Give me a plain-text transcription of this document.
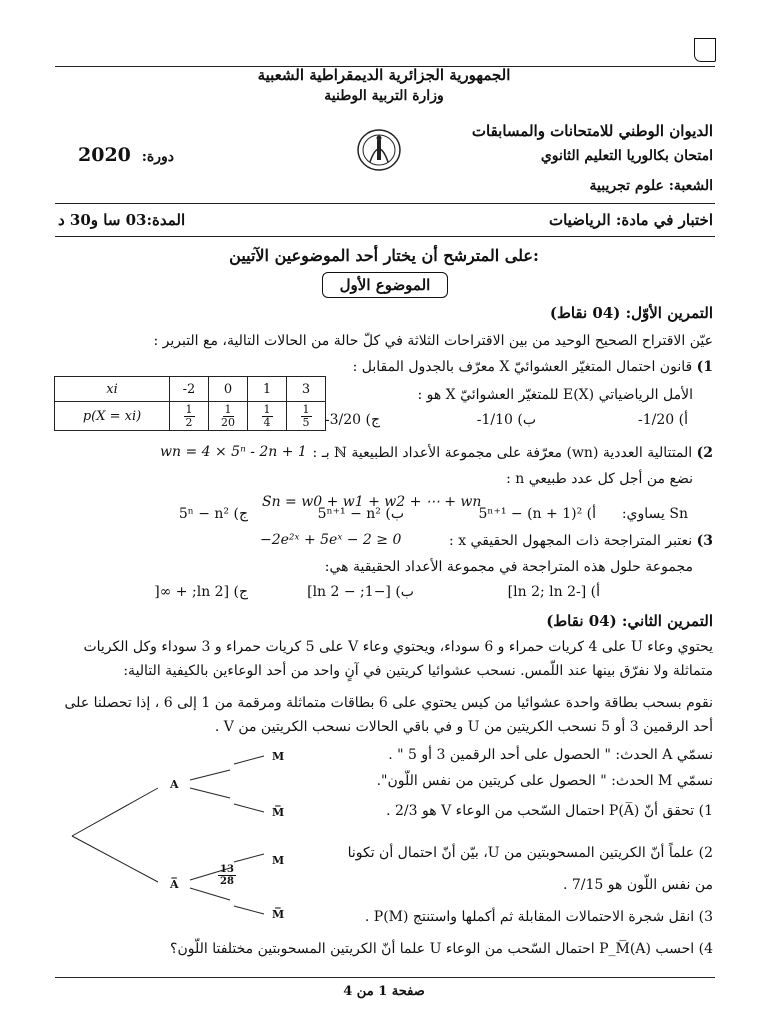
الجمهورية الجزائرية الديمقراطية الشعبية
وزارة التربية الوطنية
الديوان الوطني للامتحانات والمسابقات
امتحان بكالوريا التعليم الثانوي
الشعبة: علوم تجريبية
دورة: 2020
اختبار في مادة: الرياضيات
المدة:03 سا و30 د
على المترشح أن يختار أحد الموضوعين الآتيين:
الموضوع الأول
التمرين الأوّل: (04 نقاط)
عيّن الاقتراح الصحيح الوحيد من بين الاقتراحات الثلاثة في كلّ حالة من الحالات التالية، مع التبرير :
1) قانون احتمال المتغيّر العشوائيّ X معرّف بالجدول المقابل :
xi	-2	0	1	3
p(X = xi)	$\frac{1}{2}$	$\frac{1}{20}$	$\frac{1}{4}$	$\frac{1}{5}$
الأمل الرياضياتي E(X) للمتغيّر العشوائيّ X هو :
أ) 1/20-
ب) 1/10-
ج) 3/20-
2) المتتالية العددية (wn) معرّفة على مجموعة الأعداد الطبيعية ℕ بـ :
wn = 4 × 5ⁿ - 2n + 1
نضع من أجل كل عدد طبيعي n :
Sn = w0 + w1 + w2 + ⋯ + wn
Sn يساوي:
أ) 5ⁿ⁺¹ − (n + 1)²
ب) 5ⁿ⁺¹ − n²
ج) 5ⁿ − n²
3) نعتبر المتراجحة ذات المجهول الحقيقي x :
−2e²ˣ + 5eˣ − 2 ≥ 0
مجموعة حلول هذه المتراجحة في مجموعة الأعداد الحقيقية هي:
أ) [-ln 2; ln 2]
ب) [−1; − ln 2]
ج) [ln 2; + ∞[
التمرين الثاني: (04 نقاط)
يحتوي وعاء U على 4 كريات حمراء و 6 سوداء، ويحتوي وعاء V على 5 كريات حمراء و 3 سوداء وكل الكريات
متماثلة ولا نفرّق بينها عند اللّمس. نسحب عشوائيا كريتين في آنٍ واحد من أحد الوعاءين بالكيفية التالية:
نقوم بسحب بطاقة واحدة عشوائيا من كيس يحتوي على 6 بطاقات متماثلة ومرقمة من 1 إلى 6 ، إذا تحصلنا على
أحد الرقمين 3 أو 5 نسحب الكريتين من U و في باقي الحالات نسحب الكريتين من V .
نسمّي A الحدث: " الحصول على أحد الرقمين 3 أو 5 " .
نسمّي M الحدث: " الحصول على كريتين من نفس اللّون".
1) تحقق أنّ P(A̅) احتمال السّحب من الوعاء V هو 2/3 .
2) علماً أنّ الكريتين المسحوبتين من U، بيّن أنّ احتمال أن تكونا
من نفس اللّون هو 7/15 .
3) انقل شجرة الاحتمالات المقابلة ثم أكملها واستنتج P(M) .
4) احسب P_M̅(A) احتمال السّحب من الوعاء U علما أنّ الكريتين المسحوبتين مختلفتا اللّون؟
A
A̅
M
M̅
M
M̅
$\frac{13}{28}$
صفحة 1 من 4
